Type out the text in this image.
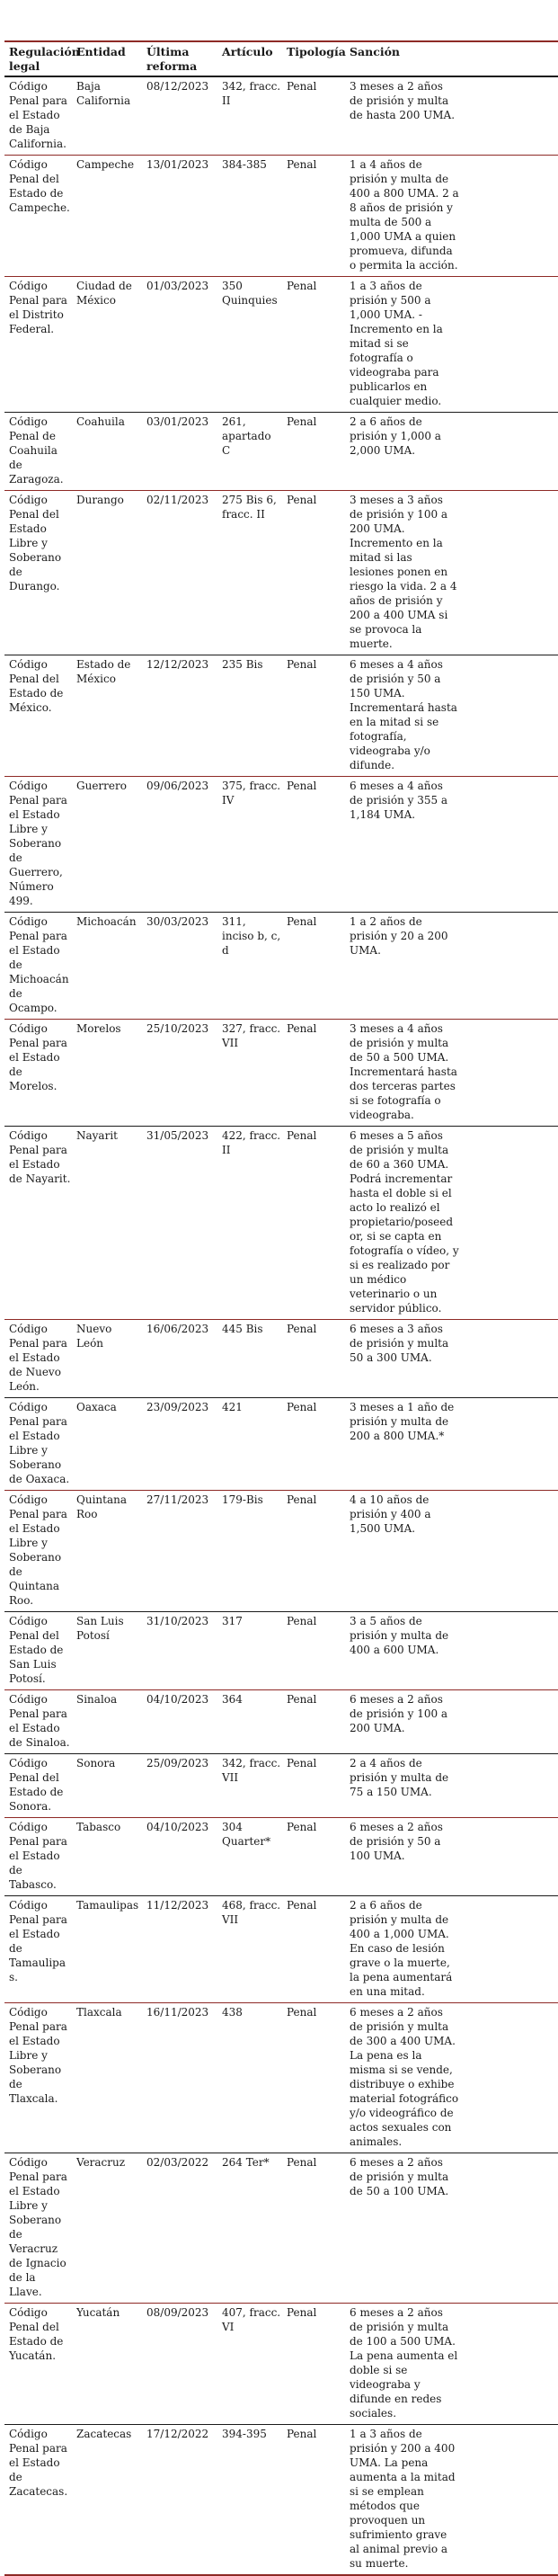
Regulación legal	Entidad	Última reforma	Artículo	Tipología	Sanción	
Código Penal para el Estado de Baja California.	Baja California	08/12/2023	342, fracc. II	Penal	3 meses a 2 años de prisión y multa de hasta 200 UMA.	
Código Penal del Estado de Campeche.	Campeche	13/01/2023	384-385	Penal	1 a 4 años de prisión y multa de 400 a 800 UMA. 2 a 8 años de prisión y multa de 500 a 1,000 UMA a quien promueva, difunda o permita la acción.	
Código Penal para el Distrito Federal.	Ciudad de México	01/03/2023	350 Quinquies	Penal	1 a 3 años de prisión y 500 a 1,000 UMA. - Incremento en la mitad si se fotografía o videograba para publicarlos en cualquier medio.	
Código Penal de Coahuila de Zaragoza.	Coahuila	03/01/2023	261, apartado C	Penal	2 a 6 años de prisión y 1,000 a 2,000 UMA.	
Código Penal del Estado Libre y Soberano de Durango.	Durango	02/11/2023	275 Bis 6, fracc. II	Penal	3 meses a 3 años de prisión y 100 a 200 UMA. Incremento en la mitad si las lesiones ponen en riesgo la vida. 2 a 4 años de prisión y 200 a 400 UMA si se provoca la muerte.	
Código Penal del Estado de México.	Estado de México	12/12/2023	235 Bis	Penal	6 meses a 4 años de prisión y 50 a 150 UMA. Incrementará hasta en la mitad si se fotografía, videograba y/o difunde.	
Código Penal para el Estado Libre y Soberano de Guerrero, Número 499.	Guerrero	09/06/2023	375, fracc. IV	Penal	6 meses a 4 años de prisión y 355 a 1,184 UMA.	
Código Penal para el Estado de Michoacán de Ocampo.	Michoacán	30/03/2023	311, inciso b, c, d	Penal	1 a 2 años de prisión y 20 a 200 UMA.	
Código Penal para el Estado de Morelos.	Morelos	25/10/2023	327, fracc. VII	Penal	3 meses a 4 años de prisión y multa de 50 a 500 UMA. Incrementará hasta dos terceras partes si se fotografía o videograba.	
Código Penal para el Estado de Nayarit.	Nayarit	31/05/2023	422, fracc. II	Penal	6 meses a 5 años de prisión y multa de 60 a 360 UMA. Podrá incrementar hasta el doble si el acto lo realizó el propietario/poseedor, si se capta en fotografía o vídeo, y si es realizado por un médico veterinario o un servidor público.	
Código Penal para el Estado de Nuevo León.	Nuevo León	16/06/2023	445 Bis	Penal	6 meses a 3 años de prisión y multa 50 a 300 UMA.	
Código Penal para el Estado Libre y Soberano de Oaxaca.	Oaxaca	23/09/2023	421	Penal	3 meses a 1 año de prisión y multa de 200 a 800 UMA.*	
Código Penal para el Estado Libre y Soberano de Quintana Roo.	Quintana Roo	27/11/2023	179-Bis	Penal	4 a 10 años de prisión y 400 a 1,500 UMA.	
Código Penal del Estado de San Luis Potosí.	San Luis Potosí	31/10/2023	317	Penal	3 a 5 años de prisión y multa de 400 a 600 UMA.	
Código Penal para el Estado de Sinaloa.	Sinaloa	04/10/2023	364	Penal	6 meses a 2 años de prisión y 100 a 200 UMA.	
Código Penal del Estado de Sonora.	Sonora	25/09/2023	342, fracc. VII	Penal	2 a 4 años de prisión y multa de 75 a 150 UMA.	
Código Penal para el Estado de Tabasco.	Tabasco	04/10/2023	304 Quarter*	Penal	6 meses a 2 años de prisión y 50 a 100 UMA.	
Código Penal para el Estado de Tamaulipas.	Tamaulipas	11/12/2023	468, fracc. VII	Penal	2 a 6 años de prisión y multa de 400 a 1,000 UMA. En caso de lesión grave o la muerte, la pena aumentará en una mitad.	
Código Penal para el Estado Libre y Soberano de Tlaxcala.	Tlaxcala	16/11/2023	438	Penal	6 meses a 2 años de prisión y multa de 300 a 400 UMA. La pena es la misma si se vende, distribuye o exhibe material fotográfico y/o videográfico de actos sexuales con animales.	
Código Penal para el Estado Libre y Soberano de Veracruz de Ignacio de la Llave.	Veracruz	02/03/2022	264 Ter*	Penal	6 meses a 2 años de prisión y multa de 50 a 100 UMA.	
Código Penal del Estado de Yucatán.	Yucatán	08/09/2023	407, fracc. VI	Penal	6 meses a 2 años de prisión y multa de 100 a 500 UMA. La pena aumenta el doble si se videograba y difunde en redes sociales.	
Código Penal para el Estado de Zacatecas.	Zacatecas	17/12/2022	394-395	Penal	1 a 3 años de prisión y 200 a 400 UMA. La pena aumenta a la mitad si se emplean métodos que provoquen un sufrimiento grave al animal previo a su muerte.	
